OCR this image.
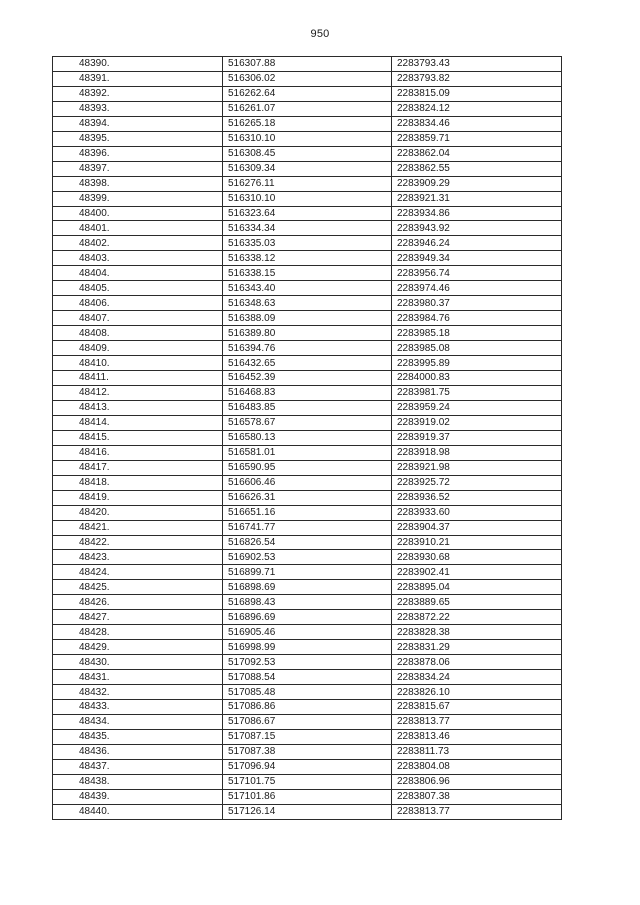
950
48390.	516307.88	2283793.43
48391.	516306.02	2283793.82
48392.	516262.64	2283815.09
48393.	516261.07	2283824.12
48394.	516265.18	2283834.46
48395.	516310.10	2283859.71
48396.	516308.45	2283862.04
48397.	516309.34	2283862.55
48398.	516276.11	2283909.29
48399.	516310.10	2283921.31
48400.	516323.64	2283934.86
48401.	516334.34	2283943.92
48402.	516335.03	2283946.24
48403.	516338.12	2283949.34
48404.	516338.15	2283956.74
48405.	516343.40	2283974.46
48406.	516348.63	2283980.37
48407.	516388.09	2283984.76
48408.	516389.80	2283985.18
48409.	516394.76	2283985.08
48410.	516432.65	2283995.89
48411.	516452.39	2284000.83
48412.	516468.83	2283981.75
48413.	516483.85	2283959.24
48414.	516578.67	2283919.02
48415.	516580.13	2283919.37
48416.	516581.01	2283918.98
48417.	516590.95	2283921.98
48418.	516606.46	2283925.72
48419.	516626.31	2283936.52
48420.	516651.16	2283933.60
48421.	516741.77	2283904.37
48422.	516826.54	2283910.21
48423.	516902.53	2283930.68
48424.	516899.71	2283902.41
48425.	516898.69	2283895.04
48426.	516898.43	2283889.65
48427.	516896.69	2283872.22
48428.	516905.46	2283828.38
48429.	516998.99	2283831.29
48430.	517092.53	2283878.06
48431.	517088.54	2283834.24
48432.	517085.48	2283826.10
48433.	517086.86	2283815.67
48434.	517086.67	2283813.77
48435.	517087.15	2283813.46
48436.	517087.38	2283811.73
48437.	517096.94	2283804.08
48438.	517101.75	2283806.96
48439.	517101.86	2283807.38
48440.	517126.14	2283813.77
